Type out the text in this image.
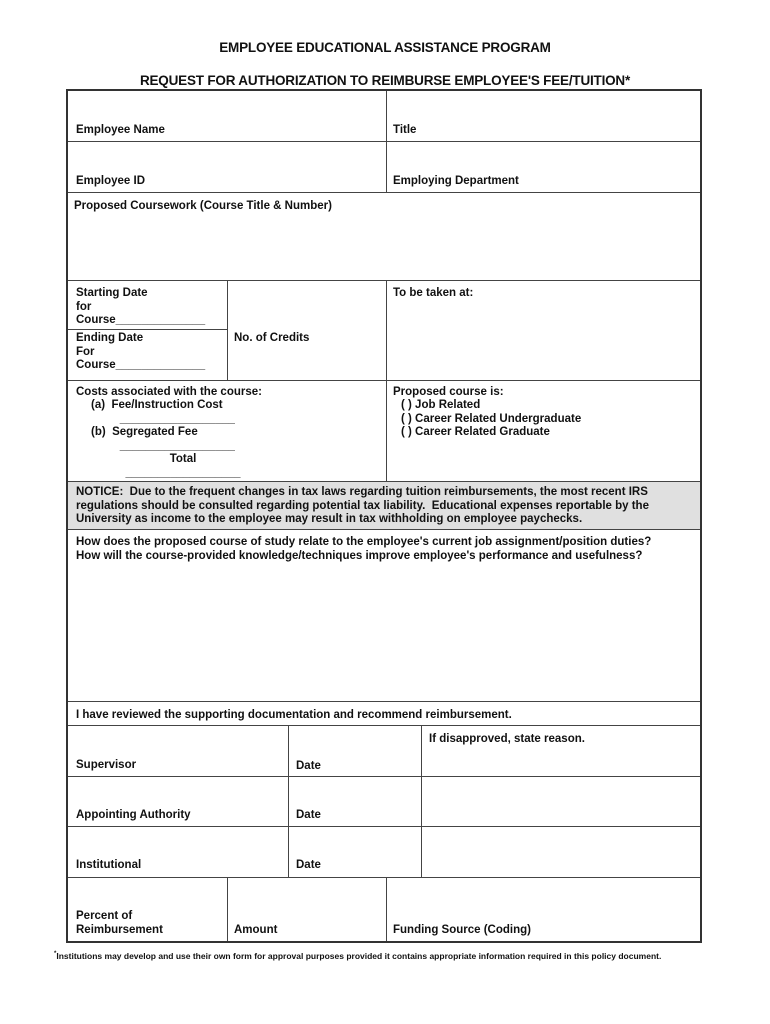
EMPLOYEE EDUCATIONAL ASSISTANCE PROGRAM
REQUEST FOR AUTHORIZATION TO REIMBURSE EMPLOYEE'S FEE/TUITION*
Employee Name	Title
Employee ID	Employing Department
Proposed Coursework (Course Title & Number)
Starting Date
for
Course______________
Ending Date
For
Course______________
No. of Credits
To be taken at:
Costs associated with the course:
(a)  Fee/Instruction Cost
__________________
(b)  Segregated Fee
__________________
Total
__________________
Proposed course is:
( ) Job Related
( ) Career Related Undergraduate
( ) Career Related Graduate
NOTICE:  Due to the frequent changes in tax laws regarding tuition reimbursements, the most recent IRS
regulations should be consulted regarding potential tax liability.  Educational expenses reportable by the
University as income to the employee may result in tax withholding on employee paychecks.
How does the proposed course of study relate to the employee's current job assignment/position duties?
How will the course-provided knowledge/techniques improve employee's performance and usefulness?
I have reviewed the supporting documentation and recommend reimbursement.
If disapproved, state reason.
Supervisor	Date
Appointing Authority	Date
Institutional	Date
Percent of
Reimbursement	Amount	Funding Source (Coding)
*Institutions may develop and use their own form for approval purposes provided it contains appropriate information required in this policy document.
